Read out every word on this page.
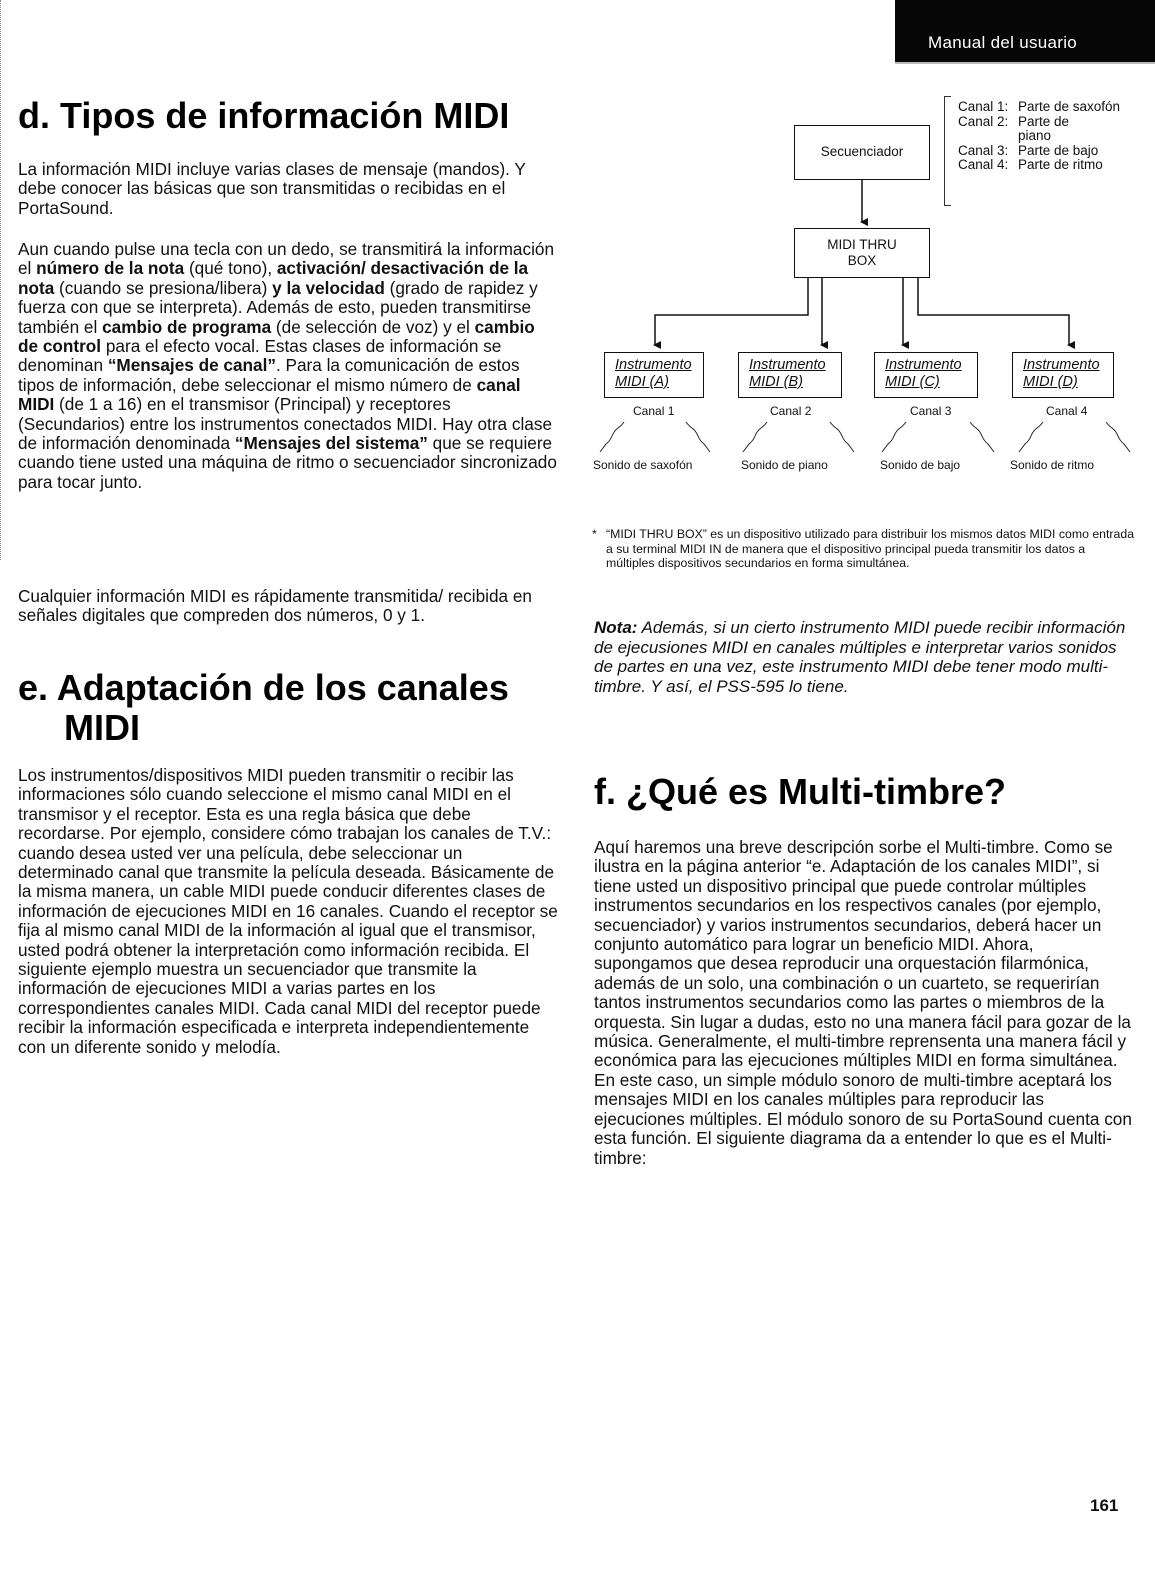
Manual del usuario
d. Tipos de información MIDI

La información MIDI incluye varias clases de mensaje (mandos). Y debe conocer las básicas que son transmitidas o recibidas en el PortaSound.

Aun cuando pulse una tecla con un dedo, se transmitirá la información el número de la nota (qué tono), activación/ desactivación de la nota (cuando se presiona/libera) y la velocidad (grado de rapidez y fuerza con que se interpreta). Además de esto, pueden transmitirse también el cambio de programa (de selección de voz) y el cambio de control para el efecto vocal. Estas clases de información se denominan “Mensajes de canal”. Para la comunicación de estos tipos de información, debe seleccionar el mismo número de canal MIDI (de 1 a 16) en el transmisor (Principal) y receptores (Secundarios) entre los instrumentos conectados MIDI. Hay otra clase de información denominada “Mensajes del sistema” que se requiere cuando tiene usted una máquina de ritmo o secuenciador sincronizado para tocar junto.

Cualquier información MIDI es rápidamente transmitida/ recibida en señales digitales que compreden dos números, 0 y 1.

e. Adaptación de los canales
MIDI

Los instrumentos/dispositivos MIDI pueden transmitir o recibir las informaciones sólo cuando seleccione el mismo canal MIDI en el transmisor y el receptor. Esta es una regla básica que debe recordarse. Por ejemplo, considere cómo trabajan los canales de T.V.: cuando desea usted ver una película, debe seleccionar un determinado canal que transmite la película deseada. Básicamente de la misma manera, un cable MIDI puede conducir diferentes clases de información de ejecuciones MIDI en 16 canales. Cuando el receptor se fija al mismo canal MIDI de la información al igual que el transmisor, usted podrá obtener la interpretación como información recibida. El siguiente ejemplo muestra un secuenciador que transmite la información de ejecuciones MIDI a varias partes en los correspondientes canales MIDI. Cada canal MIDI del receptor puede recibir la información especificada e interpreta independientemente con un diferente sonido y melodía.

Secuenciador
Canal 1: Parte de saxofón
Canal 2: Parte de piano
Canal 3: Parte de bajo
Canal 4: Parte de ritmo
MIDI THRU
BOX
Instrumento
MIDI (A)
Instrumento
MIDI (B)
Instrumento
MIDI (C)
Instrumento
MIDI (D)
Canal 1	Canal 2	Canal 3	Canal 4
Sonido de saxofón	Sonido de piano	Sonido de bajo	Sonido de ritmo
* “MIDI THRU BOX” es un dispositivo utilizado para distribuir los mismos datos MIDI como entrada a su terminal MIDI IN de manera que el dispositivo principal pueda transmitir los datos a múltiples dispositivos secundarios en forma simultánea.
Nota: Además, si un cierto instrumento MIDI puede recibir información de ejecusiones MIDI en canales múltiples e interpretar varios sonidos de partes en una vez, este instrumento MIDI debe tener modo multi-timbre. Y así, el PSS-595 lo tiene.
f. ¿Qué es Multi-timbre?

Aquí haremos una breve descripción sorbe el Multi-timbre. Como se ilustra en la página anterior “e. Adaptación de los canales MIDI”, si tiene usted un dispositivo principal que puede controlar múltiples instrumentos secundarios en los respectivos canales (por ejemplo, secuenciador) y varios instrumentos secundarios, deberá hacer un conjunto automático para lograr un beneficio MIDI. Ahora, supongamos que desea reproducir una orquestación filarmónica, además de un solo, una combinación o un cuarteto, se requerirían tantos instrumentos secundarios como las partes o miembros de la orquesta. Sin lugar a dudas, esto no una manera fácil para gozar de la música. Generalmente, el multi-timbre reprensenta una manera fácil y económica para las ejecuciones múltiples MIDI en forma simultánea. En este caso, un simple módulo sonoro de multi-timbre aceptará los mensajes MIDI en los canales múltiples para reproducir las ejecuciones múltiples. El módulo sonoro de su PortaSound cuenta con esta función. El siguiente diagrama da a entender lo que es el Multi-timbre:

161
